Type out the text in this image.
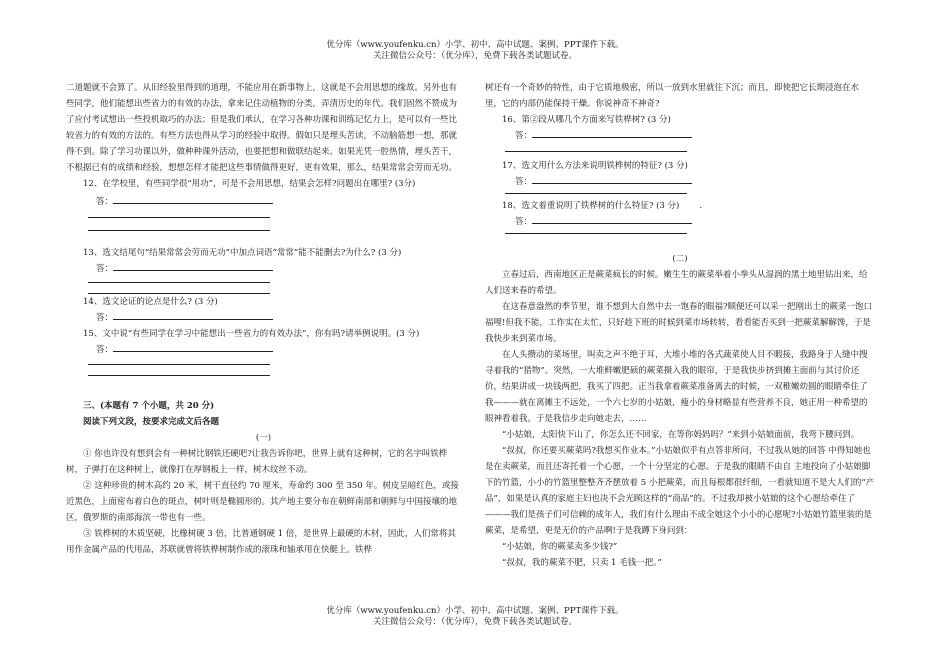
优分库（www.youfenku.cn）小学、初中、高中试题、案例、PPT课件下载。
关注微信公众号：（优分库），免费下载各类试题试卷。

二道题就不会算了。从旧经验里得到的道理，不能应用在新事物上，这就是不会用思想的缘故。另外也有些同学，他们能想出些省力的有效的办法，拿来记住动植物的分类，弄清历史的年代。我们固然不赞成为了应付考试想出一些投机取巧的办法；但是我们承认，在学习各种功课和训练记忆力上，是可以有一些比较省力的有效的方法的。有些方法也得从学习的经验中取得。假如只是埋头苦读，不动脑筋想一想，那就得不到。除了学习功课以外，做种种课外活动，也要把想和做联结起来。如果光凭一腔热情，埋头苦干，不根据已有的成绩和经验，想想怎样才能把这些事情做得更好，更有效果，那么，结果常常会劳而无功。

12、在学校里，有些同学很“用功”，可是不会用思想，结果会怎样?问题出在哪里? (3分)

答：

13、选文结尾句“结果常常会劳而无功”中加点词语“常常”能不能删去?为什么? (3 分)

答：

14、选文论证的论点是什么? (3 分)

答：

15、文中说“有些同学在学习中能想出一些省力的有效办法”，你有吗?请举例说明。(3 分)

答：

三、(本题有 7 个小题，共 20 分)

阅读下列文段，按要求完成文后各题

(一)

① 你也许没有想到会有一种树比钢铁还硬吧?让我告诉你吧，世界上就有这种树，它的名字叫铁桦树，子弹打在这种树上，就像打在厚钢板上一样，树木纹丝不动。

② 这种珍贵的树木高约 20 米，树干直径约 70 厘米，寿命约 300 至 350 年。树皮呈暗红色，或接近黑色，上面密布着白色的斑点，树叶则是椭圆形的。其产地主要分布在朝鲜南部和朝鲜与中国接壤的地区，俄罗斯的南部海滨一带也有一些。

③ 铁桦树的木质坚硬，比橡树硬 3 倍，比普通钢硬 1 倍，是世界上最硬的木材，因此，人们常将其用作金属产品的代用品，苏联就曾将铁桦树制作成的滚珠和轴承用在快艇上。铁桦

树还有一个奇妙的特性，由于它质地极密，所以一放到水里就往下沉；而且，即使把它长期浸泡在水里，它的内部仍能保持干燥。你说神奇不神奇?

16、第②段从哪几个方面来写铁桦树? (3 分)

答：

17、选文用什么方法来说明铁桦树的特征? (3 分)

答：

18、选文着重说明了铁桦树的什么特征? (3 分) .

答：

(二)

立春过后，西南地区正是蕨菜疯长的时候。嫩生生的蕨菜举着小拳头从湿润的黑土地里钻出来，给人们送来春的希望。

在这春意盎然的季节里，谁不想到大自然中去一饱春的眼福?顺便还可以采一把刚出土的蕨菜一饱口福哩!但我不能，工作实在太忙，只好趁下班的时候到菜市场转转，看看能否买到一把蕨菜解解馋，于是我快步来到菜市场。

在人头攒动的菜场里，叫卖之声不绝于耳，大堆小堆的各式蔬菜使人目不暇接，我路身于人缝中搜寻着我的“猎物”。突然，一大堆鲜嫩肥硕的蕨菜摄入我的眼帘，于是我快步挤到摊主面前与其讨价还价，结果讲成一块钱两把，我买了四把。正当我拿着蕨菜准备离去的时候，一双稚嫩幼圆的眼睛牵住了我———就在离摊主不远处，一个六七岁的小姑娘，瘦小的身材略显有些营养不良，她正用一种希望的眼神看着我。于是我信步走向她走去，……

“小姑娘，太阳快下山了，你怎么还不回家，在等你妈妈吗？”来到小姑娘面前，我弯下腰问到。

“叔叔，你还要买蕨菜吗?我想买作业本。”小姑娘似乎有点答非所问，不过我从她的回答 中得知她也是在卖蕨菜，而且还寄托着一个心愿，一个十分坚定的心愿。于是我的眼睛不由自 主地投向了小姑娘脚下的竹篮，小小的竹篮里整整齐齐摆放着 5 小把蕨菜，而且每根都很纤细，一看就知道不是大人们的“产品”，如果是认真的家庭主妇也决不会光顾这样的“商品”的。不过我却被小姑娘的这个心愿给牵住了———我们是孩子们可信赖的成年人，我们有什么理由不成全她这个小小的心愿呢?小姑娘竹篮里装的是蕨菜，是希望，更是无价的产品啊!于是我蹲下身问到：

“小姑娘，你的蕨菜卖多少钱?”

“叔叔，我的蕨菜不肥，只卖 1 毛钱一把。”

优分库（www.youfenku.cn）小学、初中、高中试题、案例、PPT课件下载。
关注微信公众号：（优分库），免费下载各类试题试卷。
